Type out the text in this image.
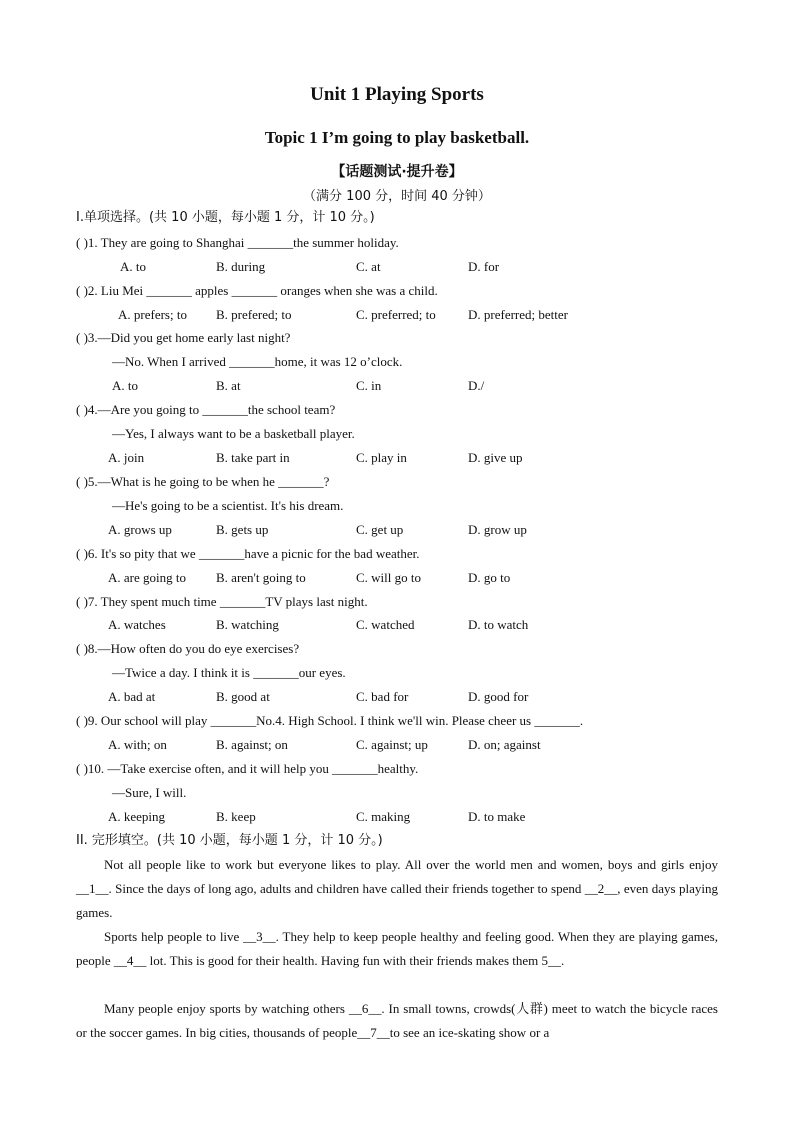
Unit 1 Playing Sports
Topic 1 I’m going to play basketball.
【话题测试·提升卷】
（满分 100 分，时间 40 分钟）
I.单项选择。(共 10 小题，每小题 1 分，计 10 分。)
( )1. They are going to Shanghai _______the summer holiday.
A. to	B. during	C. at	D. for
( )2. Liu Mei _______ apples _______ oranges when she was a child.
A. prefers; to B. prefered; to	C. preferred; to D. preferred; better
( )3.—Did you get home early last night?
—No. When I arrived _______home, it was 12 o’clock.
A. to	B. at	C. in	D./
( )4.—Are you going to _______the school team?
—Yes, I always want to be a basketball player.
A. join	B. take part in	C. play in	D. give up
( )5.—What is he going to be when he _______?
—He's going to be a scientist. It's his dream.
A. grows up	B. gets up	C. get up	D. grow up
( )6. It's so pity that we _______have a picnic for the bad weather.
A. are going to B. aren't going to	C. will go to	D. go to
( )7. They spent much time _______TV plays last night.
A. watches	B. watching	C. watched	D. to watch
( )8.—How often do you do eye exercises?
—Twice a day. I think it is _______our eyes.
A. bad at	B. good at	C. bad for	D. good for
( )9. Our school will play _______No.4. High School. I think we'll win. Please cheer us _______.
A. with; on	B. against; on	C. against; up	D. on; against
( )10. —Take exercise often, and it will help you _______healthy.
—Sure, I will.
A. keeping	B. keep	C. making	D. to make
II. 完形填空。(共 10 小题，每小题 1 分，计 10 分。)
Not all people like to work but everyone likes to play. All over the world men and women, boys and girls enjoy __1__. Since the days of long ago, adults and children have called their friends together to spend __2__, even days playing games.
Sports help people to live __3__. They help to keep people healthy and feeling good. When they are playing games, people __4__ lot. This is good for their health. Having fun with their friends makes them 5__.
Many people enjoy sports by watching others __6__. In small towns, crowds(人群) meet to watch the bicycle races or the soccer games. In big cities, thousands of people__7__to see an ice-skating show or a
